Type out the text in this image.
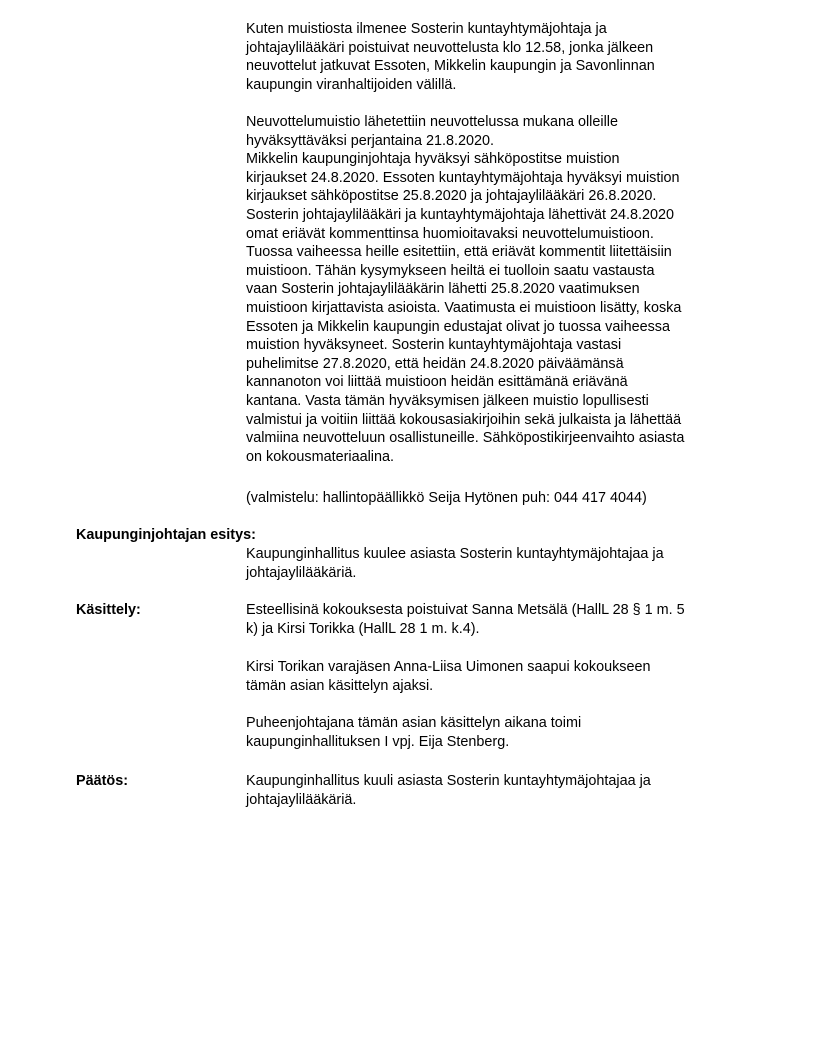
Kuten muistiosta ilmenee Sosterin kuntayhtymäjohtaja ja
johtajaylilääkäri poistuivat neuvottelusta klo 12.58, jonka jälkeen
neuvottelut jatkuvat Essoten, Mikkelin kaupungin ja Savonlinnan
kaupungin viranhaltijoiden välillä.
Neuvottelumuistio lähetettiin neuvottelussa mukana olleille
hyväksyttäväksi perjantaina 21.8.2020.
Mikkelin kaupunginjohtaja hyväksyi sähköpostitse muistion
kirjaukset 24.8.2020. Essoten kuntayhtymäjohtaja hyväksyi muistion
kirjaukset sähköpostitse 25.8.2020 ja johtajaylilääkäri 26.8.2020.
Sosterin johtajaylilääkäri ja kuntayhtymäjohtaja lähettivät 24.8.2020
omat eriävät kommenttinsa huomioitavaksi neuvottelumuistioon.
Tuossa vaiheessa heille esitettiin, että eriävät kommentit liitettäisiin
muistioon. Tähän kysymykseen heiltä ei tuolloin saatu vastausta
vaan Sosterin johtajaylilääkärin lähetti 25.8.2020 vaatimuksen
muistioon kirjattavista asioista. Vaatimusta ei muistioon lisätty, koska
Essoten ja Mikkelin kaupungin edustajat olivat jo tuossa vaiheessa
muistion hyväksyneet. Sosterin kuntayhtymäjohtaja vastasi
puhelimitse 27.8.2020, että heidän 24.8.2020 päiväämänsä
kannanoton voi liittää muistioon heidän esittämänä eriävänä
kantana. Vasta tämän hyväksymisen jälkeen muistio lopullisesti
valmistui ja voitiin liittää kokousasiakirjoihin sekä julkaista ja lähettää
valmiina neuvotteluun osallistuneille. Sähköpostikirjeenvaihto asiasta
on kokousmateriaalina.
(valmistelu: hallintopäällikkö Seija Hytönen puh: 044 417 4044)

Kaupunginjohtajan esitys:

Kaupunginhallitus kuulee asiasta Sosterin kuntayhtymäjohtajaa ja
johtajaylilääkäriä.

Käsittely:	Esteellisinä kokouksesta poistuivat Sanna Metsälä (HallL 28 § 1 m. 5
k) ja Kirsi Torikka (HallL 28 1 m. k.4).
Kirsi Torikan varajäsen Anna-Liisa Uimonen saapui kokoukseen
tämän asian käsittelyn ajaksi.
Puheenjohtajana tämän asian käsittelyn aikana toimi
kaupunginhallituksen I vpj. Eija Stenberg.

Päätös:	Kaupunginhallitus kuuli asiasta Sosterin kuntayhtymäjohtajaa ja
johtajaylilääkäriä.
